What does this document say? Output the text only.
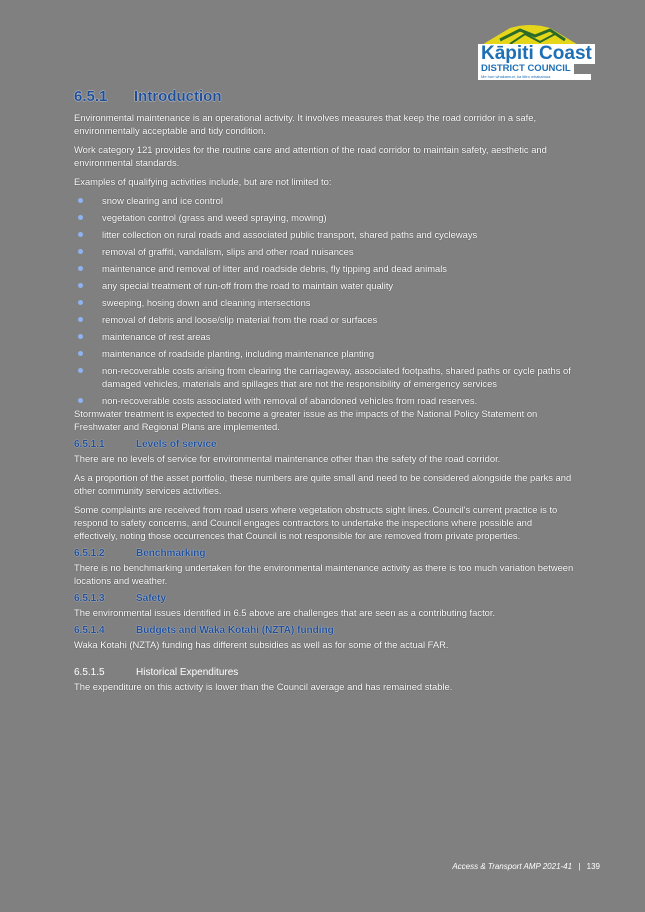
Kāpiti Coast
DISTRICT COUNCIL
Me huri whakamuri, ka titiro whakamua
6.5.1	Introduction

Environmental maintenance is an operational activity. It involves measures that keep the road corridor in a safe, environmentally acceptable and tidy condition.

Work category 121 provides for the routine care and attention of the road corridor to maintain safety, aesthetic and environmental standards.

Examples of qualifying activities include, but are not limited to:

snow clearing and ice control
vegetation control (grass and weed spraying, mowing)
litter collection on rural roads and associated public transport, shared paths and cycleways
removal of graffiti, vandalism, slips and other road nuisances
maintenance and removal of litter and roadside debris, fly tipping and dead animals
any special treatment of run-off from the road to maintain water quality
sweeping, hosing down and cleaning intersections
removal of debris and loose/slip material from the road or surfaces
maintenance of rest areas
maintenance of roadside planting, including maintenance planting
non-recoverable costs arising from clearing the carriageway, associated footpaths, shared paths or cycle paths of damaged vehicles, materials and spillages that are not the responsibility of emergency services
non-recoverable costs associated with removal of abandoned vehicles from road reserves.

Stormwater treatment is expected to become a greater issue as the impacts of the National Policy Statement on Freshwater and Regional Plans are implemented.

6.5.1.1	Levels of service

There are no levels of service for environmental maintenance other than the safety of the road corridor.

As a proportion of the asset portfolio, these numbers are quite small and need to be considered alongside the parks and other community services activities.

Some complaints are received from road users where vegetation obstructs sight lines. Council's current practice is to respond to safety concerns, and Council engages contractors to undertake the inspections where possible and effectively, noting those occurrences that Council is not responsible for are removed from private properties.

6.5.1.2	Benchmarking

There is no benchmarking undertaken for the environmental maintenance activity as there is too much variation between locations and weather.

6.5.1.3	Safety

The environmental issues identified in 6.5 above are challenges that are seen as a contributing factor.

6.5.1.4	Budgets and Waka Kotahi (NZTA) funding

Waka Kotahi (NZTA) funding has different subsidies as well as for some of the actual FAR.

6.5.1.5	Historical Expenditures

The expenditure on this activity is lower than the Council average and has remained stable.

Access & Transport AMP 2021-41 | 139
